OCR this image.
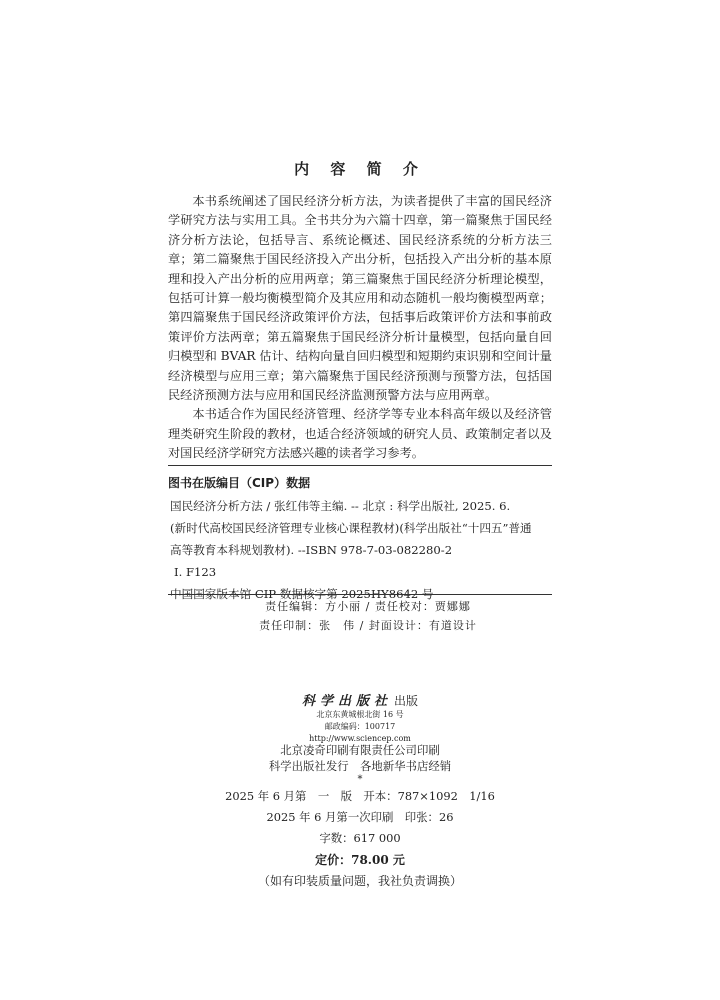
内 容 简 介

本书系统阐述了国民经济分析方法，为读者提供了丰富的国民经济学研究方法与实用工具。全书共分为六篇十四章，第一篇聚焦于国民经济分析方法论，包括导言、系统论概述、国民经济系统的分析方法三章；第二篇聚焦于国民经济投入产出分析，包括投入产出分析的基本原理和投入产出分析的应用两章；第三篇聚焦于国民经济分析理论模型，包括可计算一般均衡模型简介及其应用和动态随机一般均衡模型两章；第四篇聚焦于国民经济政策评价方法，包括事后政策评价方法和事前政策评价方法两章；第五篇聚焦于国民经济分析计量模型，包括向量自回归模型和 BVAR 估计、结构向量自回归模型和短期约束识别和空间计量经济模型与应用三章；第六篇聚焦于国民经济预测与预警方法，包括国民经济预测方法与应用和国民经济监测预警方法与应用两章。

本书适合作为国民经济管理、经济学等专业本科高年级以及经济管理类研究生阶段的教材，也适合经济领域的研究人员、政策制定者以及对国民经济学研究方法感兴趣的读者学习参考。

图书在版编目（CIP）数据
国民经济分析方法 / 张红伟等主编. -- 北京 : 科学出版社, 2025. 6.
(新时代高校国民经济管理专业核心课程教材)(科学出版社“十四五”普通
高等教育本科规划教材). --ISBN 978-7-03-082280-2
Ⅰ. F123
中国国家版本馆 CIP 数据核字第 2025HY8642 号
责任编辑：方小丽 / 责任校对：贾娜娜
责任印制：张　伟 / 封面设计：有道设计
科学出版社 出版
北京东黄城根北街 16 号
邮政编码：100717
http://www.sciencep.com
北京凌奇印刷有限责任公司印刷
科学出版社发行　各地新华书店经销
*
2025 年 6 月第　一　版　开本：787×1092　1/16
2025 年 6 月第一次印刷　印张：26
字数：617 000
定价：78.00 元
（如有印装质量问题，我社负责调换）
